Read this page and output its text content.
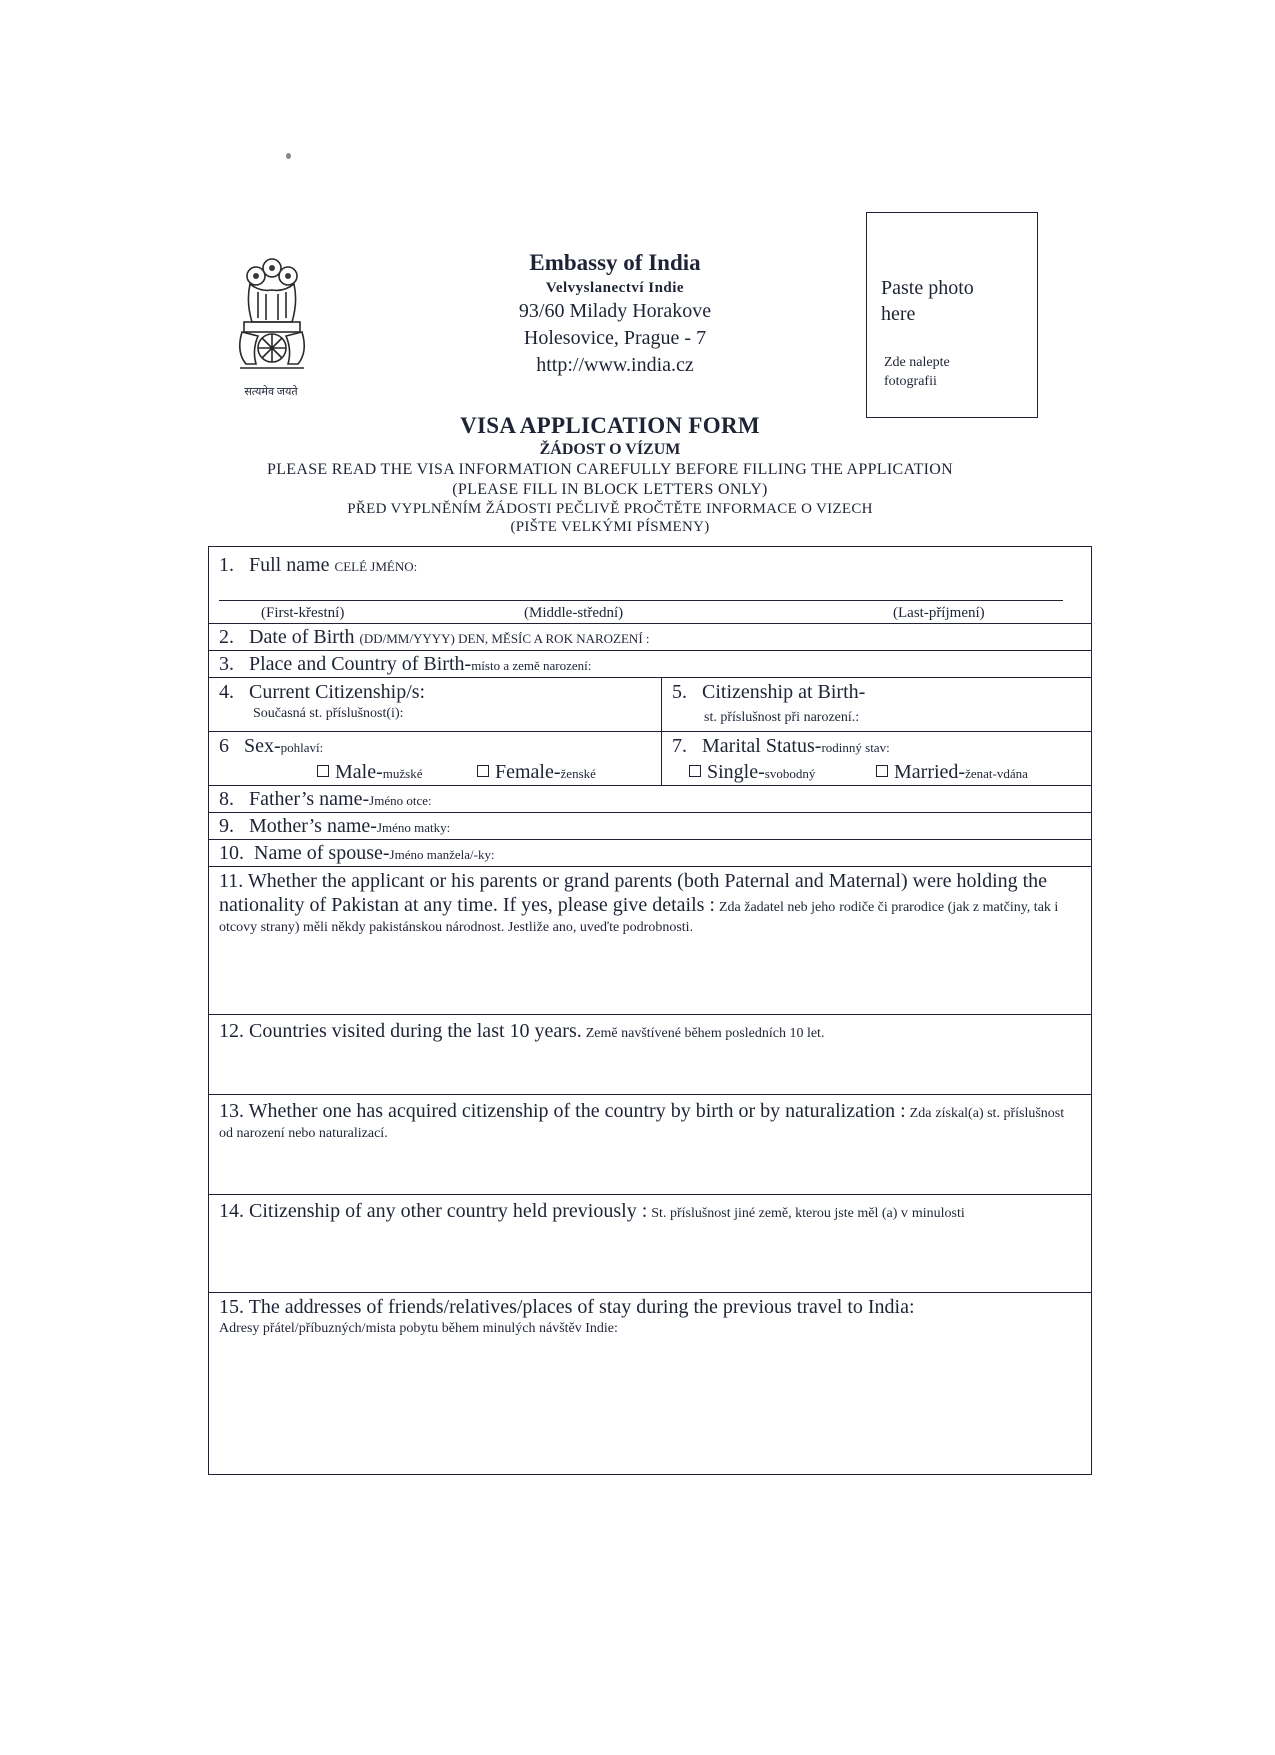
सत्यमेव जयते
Embassy of India
Velvyslanectví Indie
93/60 Milady Horakove
Holesovice, Prague - 7
http://www.india.cz
Paste photo here
Zde nalepte fotografii
VISA APPLICATION FORM
ŽÁDOST O VÍZUM
PLEASE READ THE VISA INFORMATION CAREFULLY BEFORE FILLING THE APPLICATION
(PLEASE FILL IN BLOCK LETTERS ONLY)
PŘED VYPLNĚNÍM ŽÁDOSTI PEČLIVĚ PROČTĚTE INFORMACE O VIZECH
(PIŠTE VELKÝMI PÍSMENY)
1. Full name CELÉ JMÉNO:
(First-křestní)	(Middle-střední)	(Last-příjmení)
2. Date of Birth (DD/MM/YYYY) DEN, MĚSÍC A ROK NAROZENÍ :
3. Place and Country of Birth-místo a země narození:
4. Current Citizenship/s:
Současná st. příslušnost(i):
5. Citizenship at Birth-
st. příslušnost při narození.:
6 Sex-pohlaví:
Male-mužské	Female-ženské
7. Marital Status-rodinný stav:
Single-svobodný	Married-ženat-vdána
8. Father’s name-Jméno otce:
9. Mother’s name-Jméno matky:
10. Name of spouse-Jméno manžela/-ky:
11. Whether the applicant or his parents or grand parents (both Paternal and Maternal) were holding the nationality of Pakistan at any time. If yes, please give details : Zda žadatel neb jeho rodiče či prarodice (jak z matčiny, tak i otcovy strany) měli někdy pakistánskou národnost. Jestliže ano, uveďte podrobnosti.
12. Countries visited during the last 10 years. Země navštívené během posledních 10 let.
13. Whether one has acquired citizenship of the country by birth or by naturalization : Zda získal(a) st. příslušnost od narození nebo naturalizací.
14. Citizenship of any other country held previously : St. příslušnost jiné země, kterou jste měl (a) v minulosti
15. The addresses of friends/relatives/places of stay during the previous travel to India:
Adresy přátel/příbuzných/mista pobytu během minulých návštěv Indie:
